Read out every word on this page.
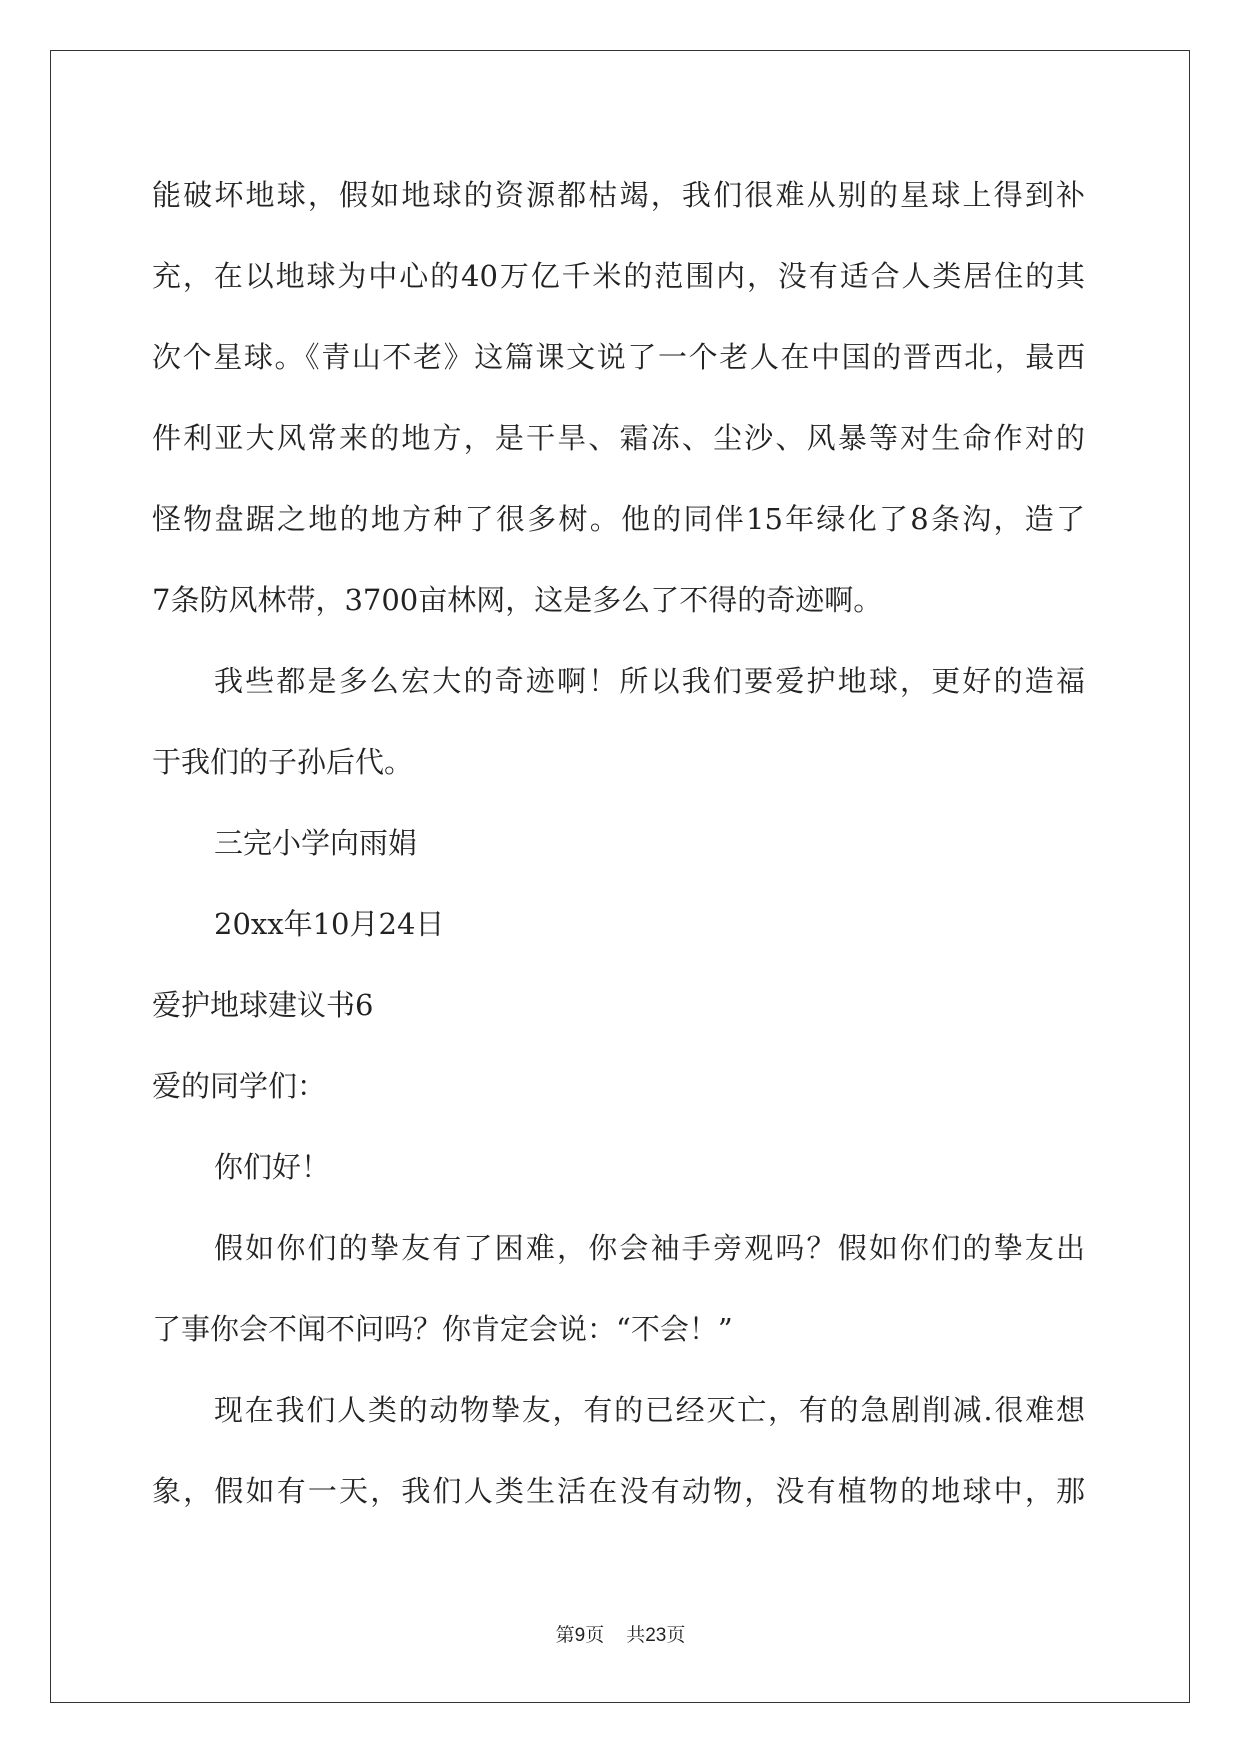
能破坏地球，假如地球的资源都枯竭，我们很难从别的星球上得到补
充，在以地球为中心的40万亿千米的范围内，没有适合人类居住的其
次个星球。《青山不老》这篇课文说了一个老人在中国的晋西北，最西
件利亚大风常来的地方，是干旱、霜冻、尘沙、风暴等对生命作对的
怪物盘踞之地的地方种了很多树。他的同伴15年绿化了8条沟，造了
7条防风林带，3700亩林网，这是多么了不得的奇迹啊。
我些都是多么宏大的奇迹啊！所以我们要爱护地球，更好的造福
于我们的子孙后代。
三完小学向雨娟
20xx年10月24日
爱护地球建议书6
爱的同学们：
你们好！
假如你们的挚友有了困难，你会袖手旁观吗？假如你们的挚友出
了事你会不闻不问吗？你肯定会说：“不会！”
现在我们人类的动物挚友，有的已经灭亡，有的急剧削减.很难想
象，假如有一天，我们人类生活在没有动物，没有植物的地球中，那
第9页 共23页
